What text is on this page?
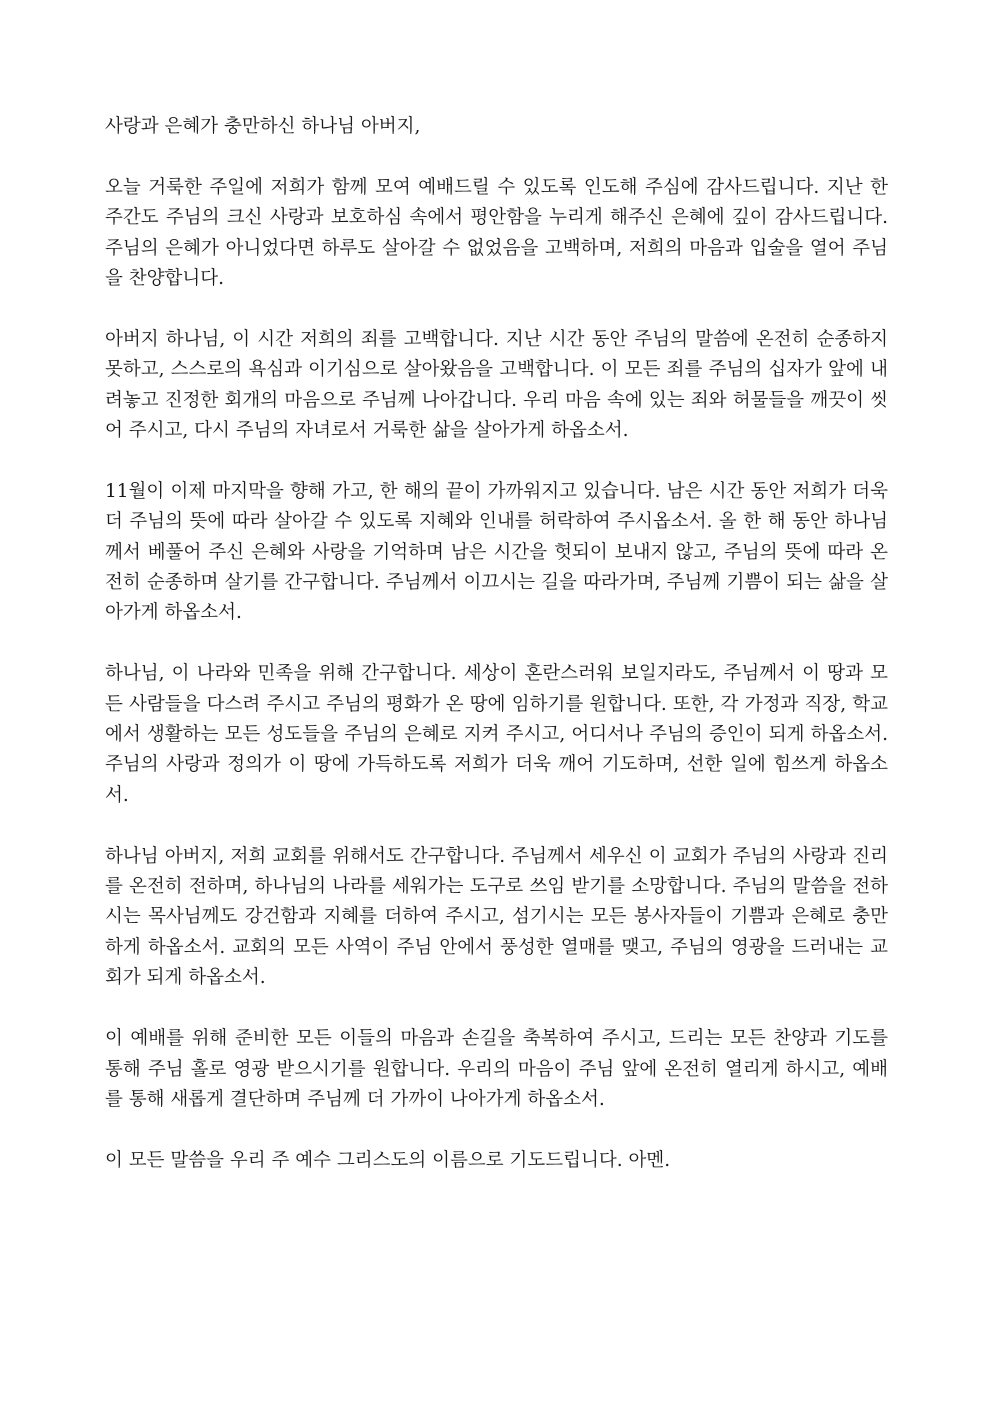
사랑과 은혜가 충만하신 하나님 아버지,

오늘 거룩한 주일에 저희가 함께 모여 예배드릴 수 있도록 인도해 주심에 감사드립니다. 지난 한 주간도 주님의 크신 사랑과 보호하심 속에서 평안함을 누리게 해주신 은혜에 깊이 감사드립니다. 주님의 은혜가 아니었다면 하루도 살아갈 수 없었음을 고백하며, 저희의 마음과 입술을 열어 주님을 찬양합니다.

아버지 하나님, 이 시간 저희의 죄를 고백합니다. 지난 시간 동안 주님의 말씀에 온전히 순종하지 못하고, 스스로의 욕심과 이기심으로 살아왔음을 고백합니다. 이 모든 죄를 주님의 십자가 앞에 내려놓고 진정한 회개의 마음으로 주님께 나아갑니다. 우리 마음 속에 있는 죄와 허물들을 깨끗이 씻어 주시고, 다시 주님의 자녀로서 거룩한 삶을 살아가게 하옵소서.

11월이 이제 마지막을 향해 가고, 한 해의 끝이 가까워지고 있습니다. 남은 시간 동안 저희가 더욱더 주님의 뜻에 따라 살아갈 수 있도록 지혜와 인내를 허락하여 주시옵소서. 올 한 해 동안 하나님께서 베풀어 주신 은혜와 사랑을 기억하며 남은 시간을 헛되이 보내지 않고, 주님의 뜻에 따라 온전히 순종하며 살기를 간구합니다. 주님께서 이끄시는 길을 따라가며, 주님께 기쁨이 되는 삶을 살아가게 하옵소서.

하나님, 이 나라와 민족을 위해 간구합니다. 세상이 혼란스러워 보일지라도, 주님께서 이 땅과 모든 사람들을 다스려 주시고 주님의 평화가 온 땅에 임하기를 원합니다. 또한, 각 가정과 직장, 학교에서 생활하는 모든 성도들을 주님의 은혜로 지켜 주시고, 어디서나 주님의 증인이 되게 하옵소서. 주님의 사랑과 정의가 이 땅에 가득하도록 저희가 더욱 깨어 기도하며, 선한 일에 힘쓰게 하옵소서.

하나님 아버지, 저희 교회를 위해서도 간구합니다. 주님께서 세우신 이 교회가 주님의 사랑과 진리를 온전히 전하며, 하나님의 나라를 세워가는 도구로 쓰임 받기를 소망합니다. 주님의 말씀을 전하시는 목사님께도 강건함과 지혜를 더하여 주시고, 섬기시는 모든 봉사자들이 기쁨과 은혜로 충만하게 하옵소서. 교회의 모든 사역이 주님 안에서 풍성한 열매를 맺고, 주님의 영광을 드러내는 교회가 되게 하옵소서.

이 예배를 위해 준비한 모든 이들의 마음과 손길을 축복하여 주시고, 드리는 모든 찬양과 기도를 통해 주님 홀로 영광 받으시기를 원합니다. 우리의 마음이 주님 앞에 온전히 열리게 하시고, 예배를 통해 새롭게 결단하며 주님께 더 가까이 나아가게 하옵소서.

이 모든 말씀을 우리 주 예수 그리스도의 이름으로 기도드립니다. 아멘.
